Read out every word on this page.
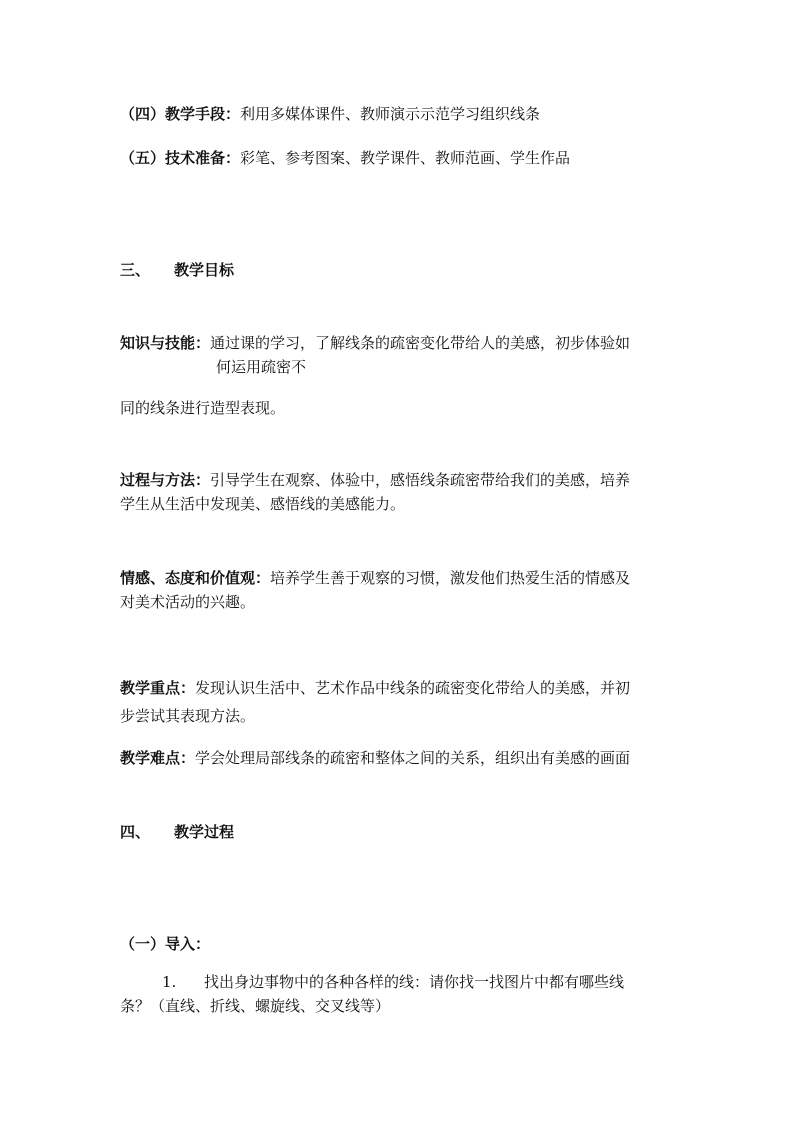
（四）教学手段：利用多媒体课件、教师演示示范学习组织线条
（五）技术准备：彩笔、参考图案、教学课件、教师范画、学生作品
三、 教学目标
知识与技能：通过课的学习，了解线条的疏密变化带给人的美感，初步体验如
何运用疏密不
同的线条进行造型表现。
过程与方法：引导学生在观察、体验中，感悟线条疏密带给我们的美感，培养
学生从生活中发现美、感悟线的美感能力。
情感、态度和价值观：培养学生善于观察的习惯，激发他们热爱生活的情感及
对美术活动的兴趣。
教学重点：发现认识生活中、艺术作品中线条的疏密变化带给人的美感，并初
步尝试其表现方法。
教学难点：学会处理局部线条的疏密和整体之间的关系，组织出有美感的画面
四、 教学过程
（一）导入：
1. 找出身边事物中的各种各样的线：请你找一找图片中都有哪些线
条？（直线、折线、螺旋线、交叉线等）
